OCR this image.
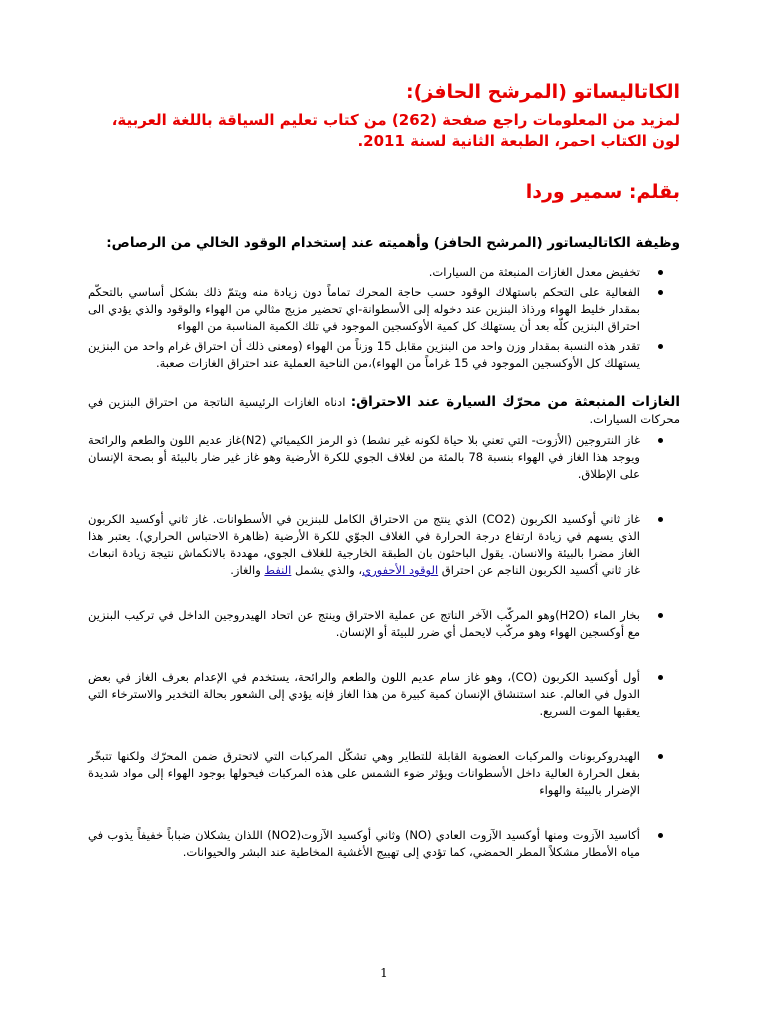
الكاتاليساتو (المرشح الحافز):

لمزيد من المعلومات راجع صفحة (262) من كتاب تعليم السياقة باللغة العربية، لون الكتاب احمر، الطبعة الثانية لسنة 2011.

بقلم: سمير وردا
وظيفة الكاتاليساتور (المرشح الحافز) وأهميته عند إستخدام الوقود الخالي من الرصاص:
تخفيض معدل الغازات المنبعثة من السيارات.
الفعالية على التحكم باستهلاك الوقود حسب حاجة المحرك تماماً دون زيادة منه ويتمّ ذلك بشكل أساسي بالتحكّم بمقدار خليط الهواء ورذاذ البنزين عند دخوله إلى الأسطوانة-اي تحضير مزيج مثالي من الهواء والوقود والذي يؤدي الى احتراق البنزين كلّه بعد أن يستهلك كل كمية الأوكسجين الموجود في تلك الكمية المناسبة من الهواء
تقدر هذه النسبة بمقدار وزن واحد من البنزين مقابل 15 وزناً من الهواء (ومعنى ذلك أن احتراق غرام واحد من البنزين يستهلك كل الأوكسجين الموجود في 15 غراماً من الهواء)،من الناحية العملية عند احتراق الغازات صعبة.

الغازات المنبعثة من محرّك السيارة عند الاحتراق: ادناه الغازات الرئيسية الناتجة من احتراق البنزين في محركات السيارات.

غاز النتروجين (الأزوت- التي تعني بلا حياة لكونه غير نشط) ذو الرمز الكيميائي (N2)غاز عديم اللون والطعم والرائحة ويوجد هذا الغاز في الهواء بنسبة 78 بالمئة من لغلاف الجوي للكرة الأرضية وهو غاز غير ضار بالبيئة أو بصحة الإنسان على الإطلاق.
غاز ثاني أوكسيد الكربون (CO2) الذي ينتج من الاحتراق الكامل للبنزين في الأسطوانات. غاز ثاني أوكسيد الكربون الذي يسهم في زيادة ارتفاع درجة الحرارة في الغلاف الجوّي للكرة الأرضية (ظاهرة الاحتباس الحراري). يعتبر هذا الغاز مضرا بالبيئة والانسان. يقول الباحثون بان الطبقة الخارجية للغلاف الجوي، مهددة بالانكماش نتيجة زيادة انبعاث غاز ثاني أكسيد الكربون الناجم عن احتراق الوقود الأحفوري، والذي يشمل النفط والغاز.
بخار الماء (H2O)وهو المركّب الآخر الناتج عن عملية الاحتراق وينتج عن اتحاد الهيدروجين الداخل في تركيب البنزين مع أوكسجين الهواء وهو مركّب لايحمل أي ضرر للبيئة أو الإنسان.
أول أوكسيد الكربون (CO)، وهو غاز سام عديم اللون والطعم والرائحة، يستخدم في الإعدام بعرف الغاز في بعض الدول في العالم. عند استنشاق الإنسان كمية كبيرة من هذا الغاز فإنه يؤدي إلى الشعور بحالة التخدير والاسترخاء التي يعقبها الموت السريع.
الهيدروكربونات والمركبات العضوية القابلة للتطاير وهي تشكّل المركبات التي لاتحترق ضمن المحرّك ولكنها تتبخّر بفعل الحرارة العالية داخل الأسطوانات ويؤثر ضوء الشمس على هذه المركبات فيحولها بوجود الهواء إلى مواد شديدة الإضرار بالبيئة والهواء
أكاسيد الآزوت ومنها أوكسيد الآزوت العادي (NO) وثاني أوكسيد الآزوت(NO2) اللذان يشكلان ضباباً خفيفاً يذوب في مياه الأمطار مشكلاً المطر الحمضي، كما تؤدي إلى تهييج الأغشية المخاطية عند البشر والحيوانات.
1
